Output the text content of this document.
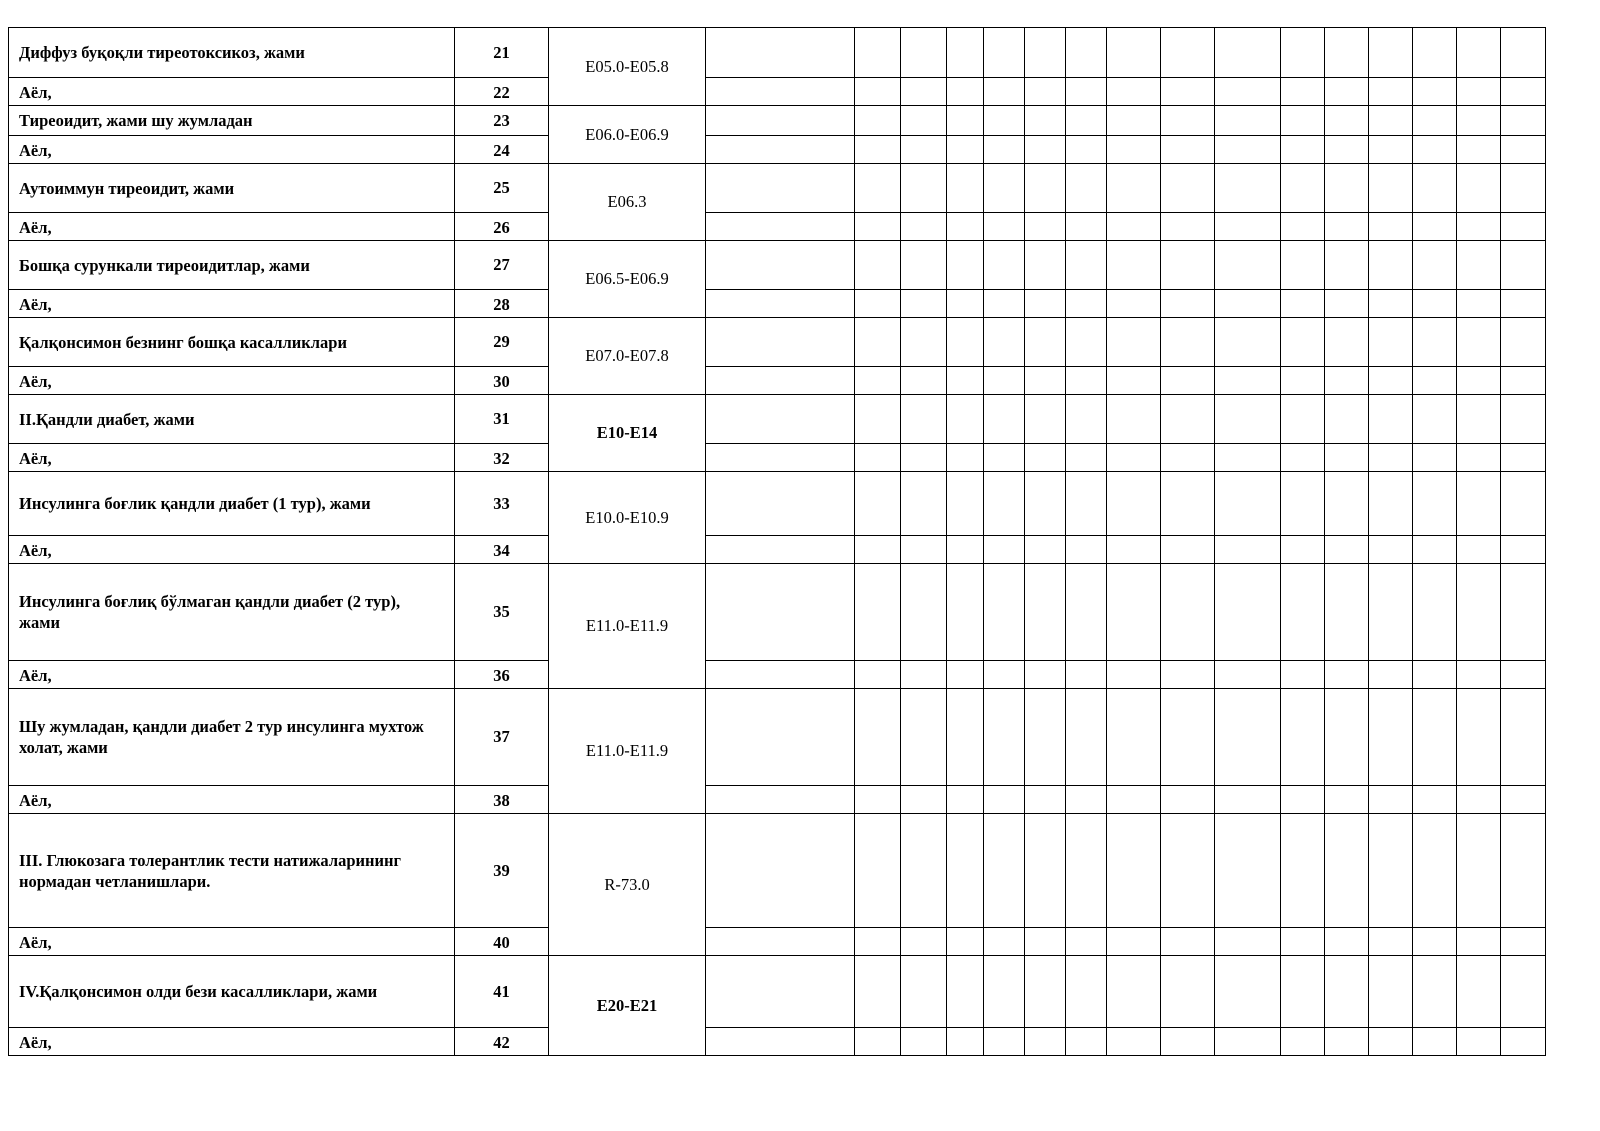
Диффуз буқоқли тиреотоксикоз, жами	21	E05.0-E05.8																
Аёл,	22																	
Тиреоидит, жами шу жумладан	23	E06.0-E06.9																
Аёл,	24																	
Аутоиммун тиреоидит, жами	25	E06.3																
Аёл,	26																	
Бошқа сурункали тиреоидитлар, жами	27	E06.5-E06.9																
Аёл,	28																	
Қалқонсимон безнинг бошқа касалликлари	29	E07.0-E07.8																
Аёл,	30																	
II.Қандли диабет, жами	31	E10-E14																
Аёл,	32																	
Инсулинга боғлик қандли диабет (1 тур), жами	33	E10.0-E10.9																
Аёл,	34																	
Инсулинга боғлиқ бўлмаган қандли диабет (2 тур), жами	35	E11.0-E11.9																
Аёл,	36																	
Шу жумладан, қандли диабет 2 тур инсулинга мухтож холат, жами	37	E11.0-E11.9																
Аёл,	38																	
III. Глюкозага толерантлик тести натижаларининг нормадан четланишлари.	39	R-73.0																
Аёл,	40																	
IV.Қалқонсимон олди бези касалликлари, жами	41	E20-E21																
Аёл,	42																	
